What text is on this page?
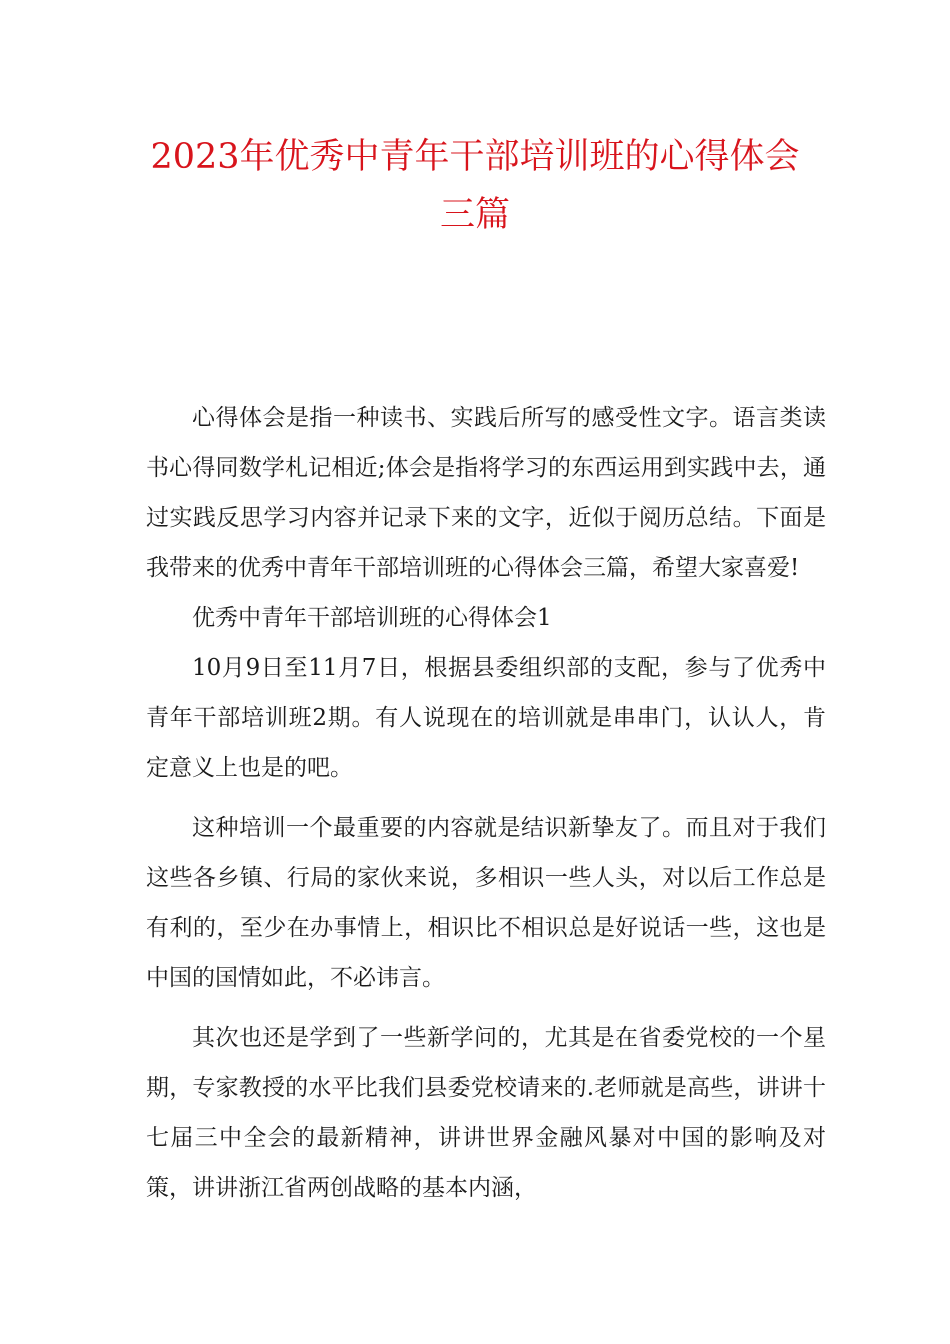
2023年优秀中青年干部培训班的心得体会
三篇

心得体会是指一种读书、实践后所写的感受性文字。语言类读书心得同数学札记相近;体会是指将学习的东西运用到实践中去，通过实践反思学习内容并记录下来的文字，近似于阅历总结。下面是我带来的优秀中青年干部培训班的心得体会三篇，希望大家喜爱!

优秀中青年干部培训班的心得体会1

10月9日至11月7日，根据县委组织部的支配，参与了优秀中青年干部培训班2期。有人说现在的培训就是串串门，认认人，肯定意义上也是的吧。

这种培训一个最重要的内容就是结识新挚友了。而且对于我们这些各乡镇、行局的家伙来说，多相识一些人头，对以后工作总是有利的，至少在办事情上，相识比不相识总是好说话一些，这也是中国的国情如此，不必讳言。

其次也还是学到了一些新学问的，尤其是在省委党校的一个星期，专家教授的水平比我们县委党校请来的.老师就是高些，讲讲十七届三中全会的最新精神，讲讲世界金融风暴对中国的影响及对策，讲讲浙江省两创战略的基本内涵，
